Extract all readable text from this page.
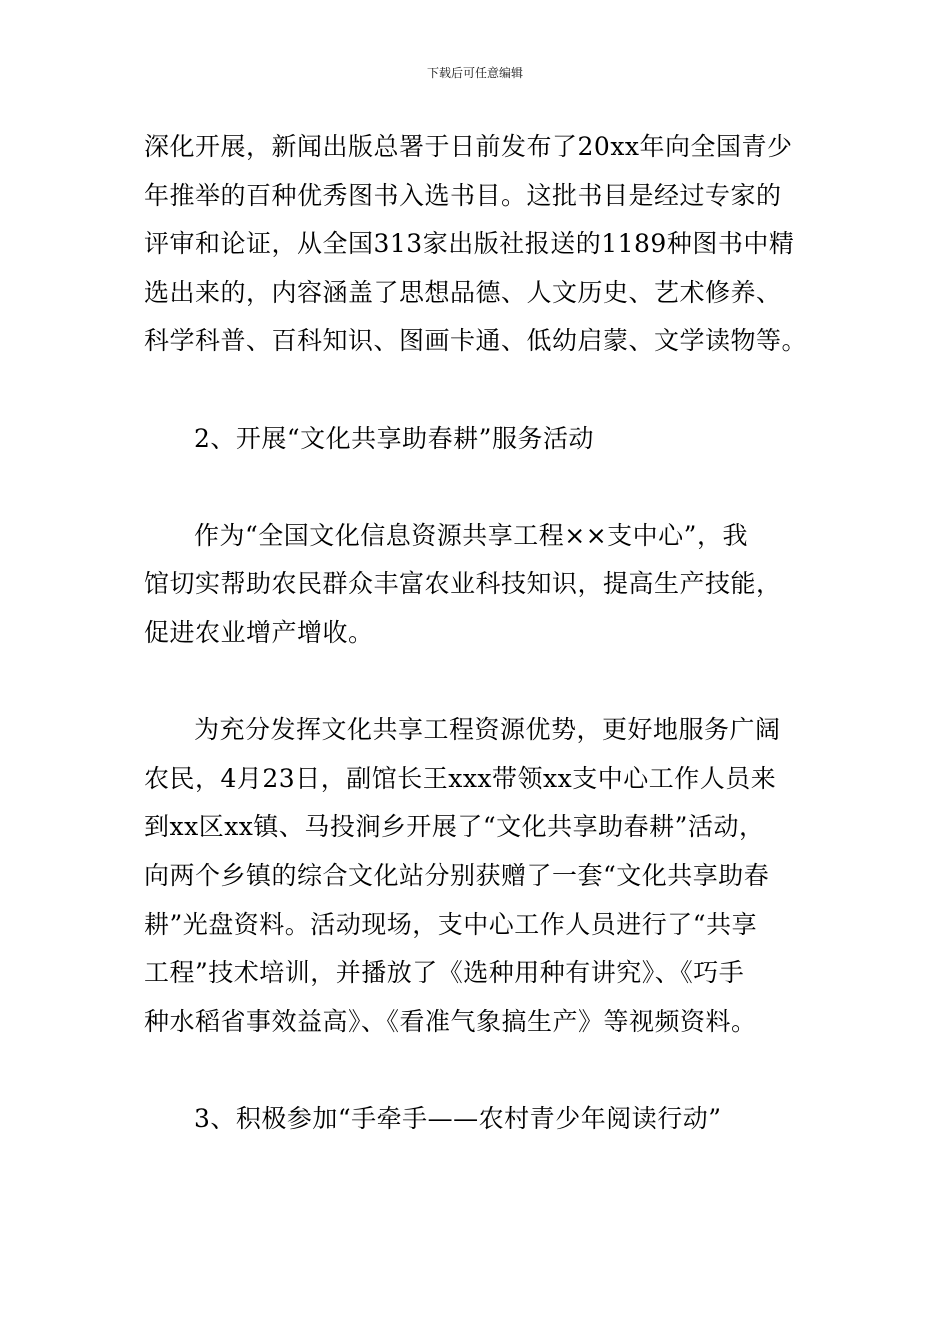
下载后可任意编辑
深化开展，新闻出版总署于日前发布了20xx年向全国青少
年推举的百种优秀图书入选书目。这批书目是经过专家的
评审和论证，从全国313家出版社报送的1189种图书中精
选出来的，内容涵盖了思想品德、人文历史、艺术修养、
科学科普、百科知识、图画卡通、低幼启蒙、文学读物等。
2、开展“文化共享助春耕”服务活动
作为“全国文化信息资源共享工程××支中心”，我
馆切实帮助农民群众丰富农业科技知识，提高生产技能，
促进农业增产增收。
为充分发挥文化共享工程资源优势，更好地服务广阔
农民，4月23日，副馆长王xxx带领xx支中心工作人员来
到xx区xx镇、马投涧乡开展了“文化共享助春耕”活动，
向两个乡镇的综合文化站分别获赠了一套“文化共享助春
耕”光盘资料。活动现场，支中心工作人员进行了“共享
工程”技术培训，并播放了《选种用种有讲究》、《巧手
种水稻省事效益高》、《看准气象搞生产》等视频资料。
3、积极参加“手牵手——农村青少年阅读行动”
